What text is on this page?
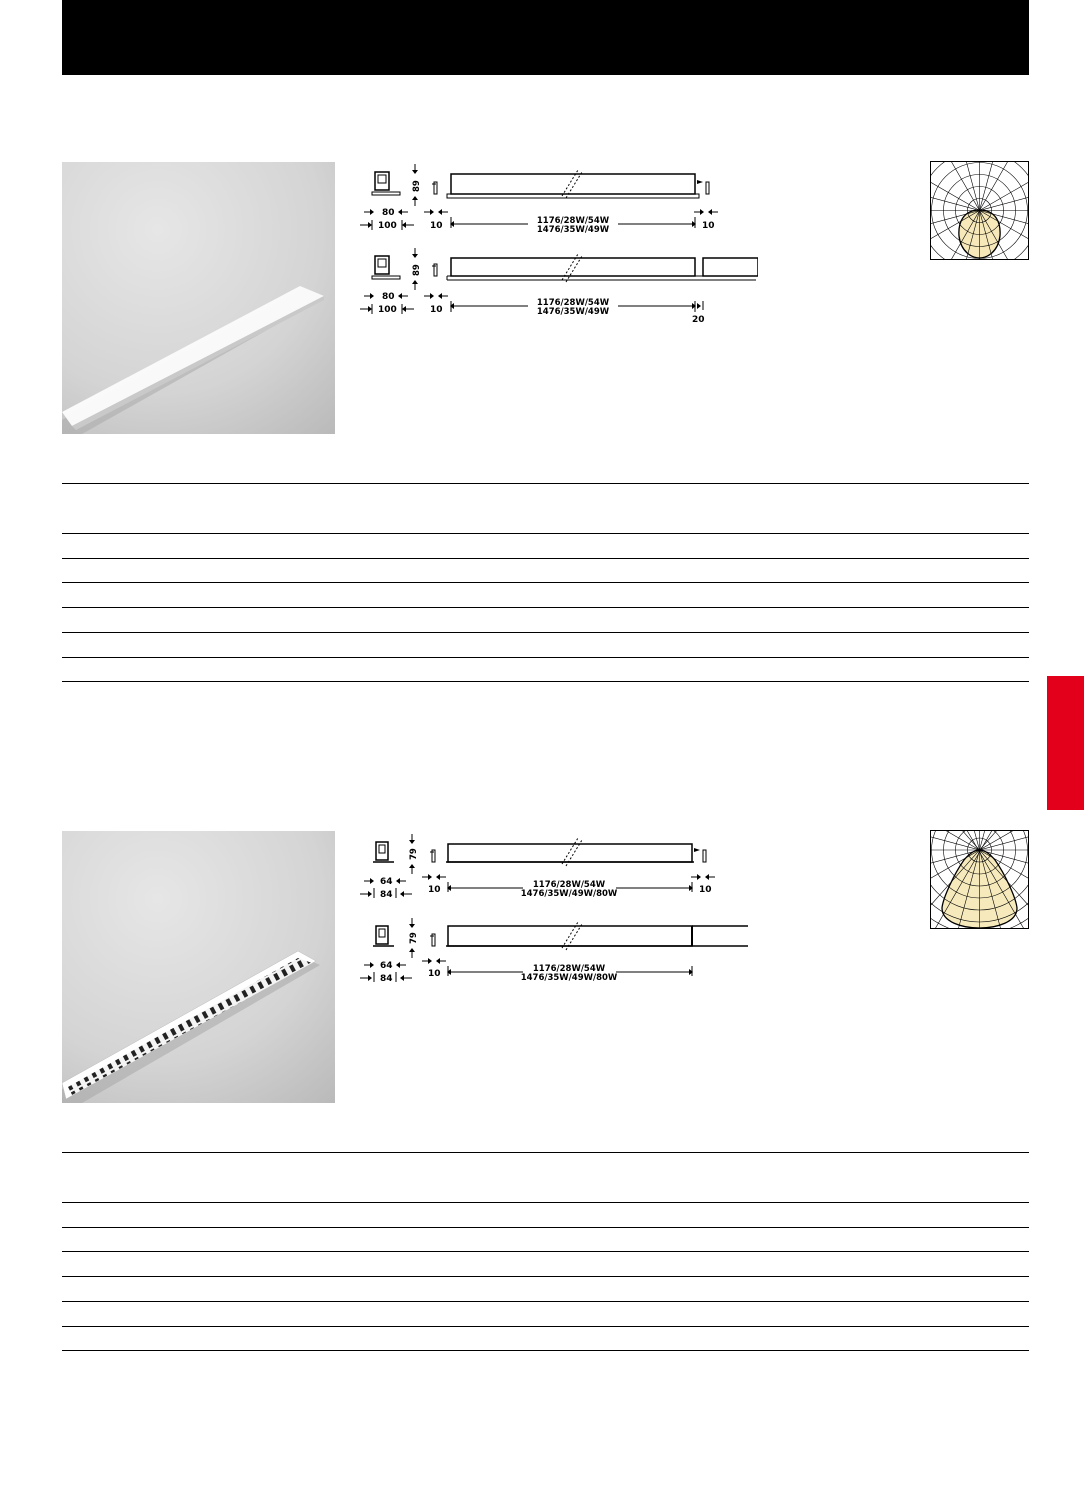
89
80
100	10	1176/28W/54W
1476/35W/49W	10
89
80
100	10
1176/28W/54W
1476/35W/49W
20
79
64
84	10	1176/28W/54W
1476/35W/49W/80W	10
79
64
84	10	1176/28W/54W
1476/35W/49W/80W
